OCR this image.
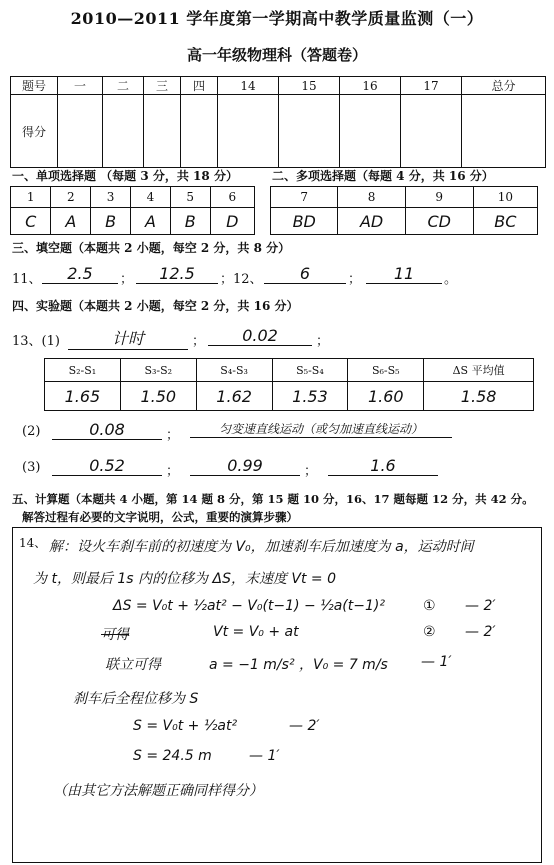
2010—2011 学年度第一学期高中教学质量监测（一）
高一年级物理科（答题卷）
题号	一	二	三	四	14	15	16	17	总分
得分									
一、单项选择题 （每题 3 分，共 18 分）	二、多项选择题（每题 4 分，共 16 分）
1	2	3	4	5	6
C	A	B	A	B	D
7	8	9	10
BD	AD	CD	BC
三、填空题（本题共 2 小题，每空 2 分，共 8 分）
11、	2.5	；	12.5	；12、	6	；	11	。
四、实验题（本题共 2 小题，每空 2 分，共 16 分）
13、(1)	计时	；	0.02	；
S₂-S₁	S₃-S₂	S₄-S₃	S₅-S₄	S₆-S₅	ΔS 平均值
1.65	1.50	1.62	1.53	1.60	1.58
(2)	0.08	；	匀变速直线运动（或匀加速直线运动）
(3)	0.52	；	0.99	；	1.6
五、计算题（本题共 4 小题，第 14 题 8 分，第 15 题 10 分，16、17 题每题 12 分，共 42 分。
解答过程有必要的文字说明，公式，重要的演算步骤）
14、 解：设火车刹车前的初速度为 V₀，加速刹车后加速度为 a，运动时间
为 t，则最后 1s 内的位移为 ΔS，末速度 Vt = 0
ΔS = V₀t + ½at² − V₀(t−1) − ½a(t−1)²	① — 2′
可得	Vt = V₀ + at	② — 2′
联立可得	a = −1 m/s² ，V₀ = 7 m/s — 1′
刹车后全程位移为 S
S = V₀t + ½at²	— 2′
S = 24.5 m	— 1′
（由其它方法解题正确同样得分）
